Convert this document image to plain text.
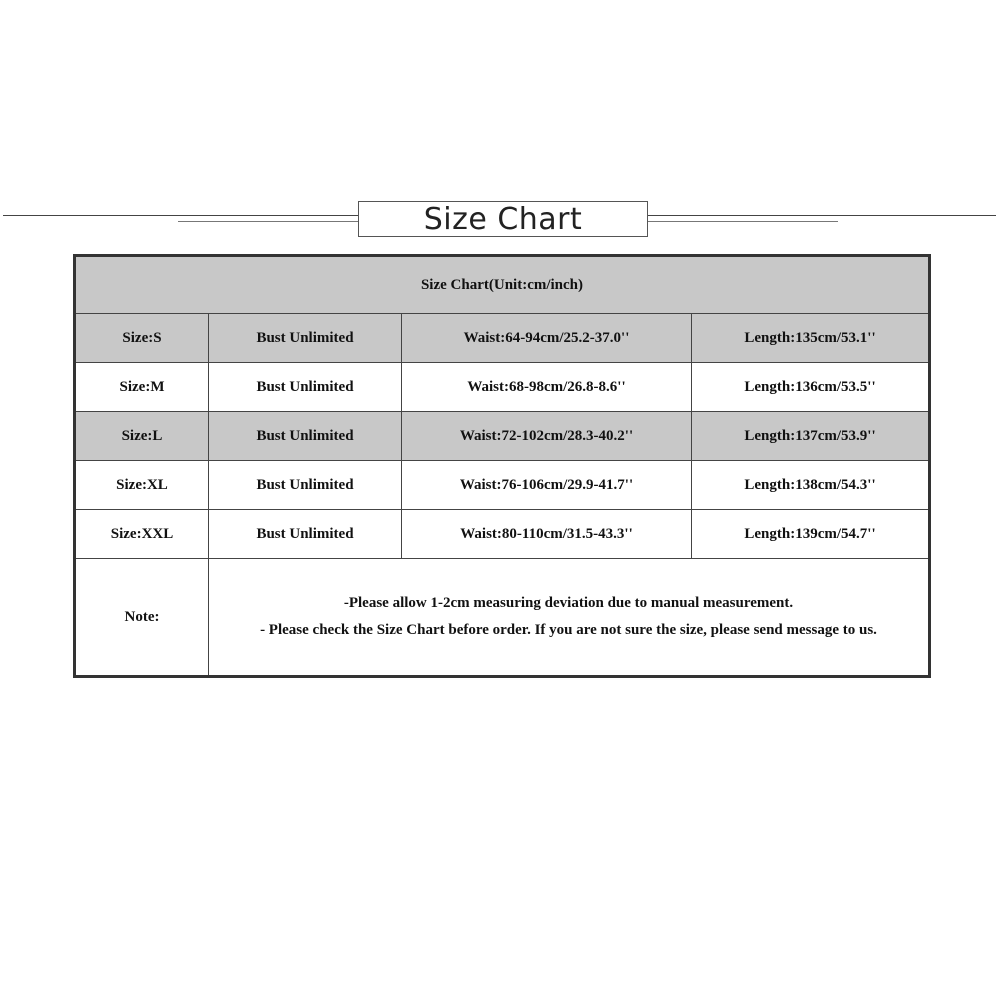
Size Chart
Size Chart(Unit:cm/inch)			
Size:S	Bust Unlimited	Waist:64-94cm/25.2-37.0''	Length:135cm/53.1''
Size:M	Bust Unlimited	Waist:68-98cm/26.8-8.6''	Length:136cm/53.5''
Size:L	Bust Unlimited	Waist:72-102cm/28.3-40.2''	Length:137cm/53.9''
Size:XL	Bust Unlimited	Waist:76-106cm/29.9-41.7''	Length:138cm/54.3''
Size:XXL	Bust Unlimited	Waist:80-110cm/31.5-43.3''	Length:139cm/54.7''
Note:	-Please allow 1-2cm measuring deviation due to manual measurement.
- Please check the Size Chart before order. If you are not sure the size, please send message to us.		
